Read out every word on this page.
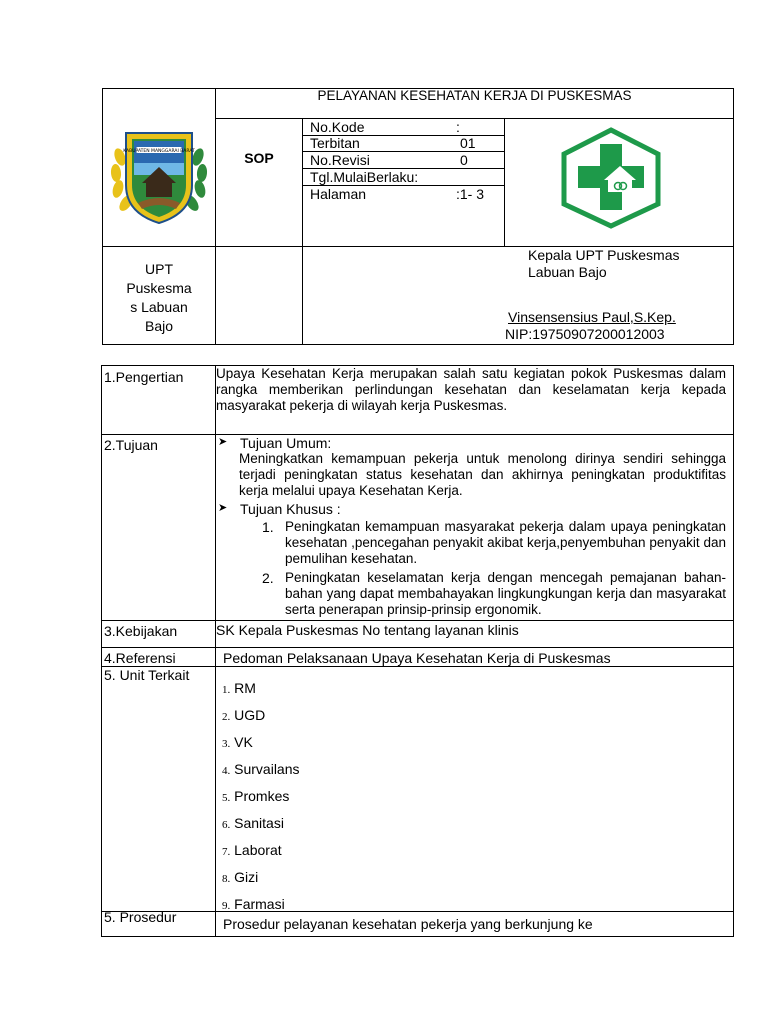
KABUPATEN MANGGARAI BARAT
PELAYANAN KESEHATAN KERJA DI PUSKESMAS
SOP
No.Kode	:
Terbitan	01
No.Revisi	0
Tgl.MulaiBerlaku:
Halaman	:1- 3
UPT
Puskesma
s Labuan
Bajo
Kepala UPT Puskesmas
Labuan Bajo
Vinsensensius Paul,S.Kep.
NIP:19750907200012003
1.Pengertian Upaya Kesehatan Kerja merupakan salah satu kegiatan pokok Puskesmas dalam rangka memberikan perlindungan kesehatan dan keselamatan kerja kepada masyarakat pekerja di wilayah kerja Puskesmas.
2.Tujuan	➤ Tujuan Umum:
Meningkatkan kemampuan pekerja untuk menolong dirinya sendiri sehingga terjadi peningkatan status kesehatan dan akhirnya peningkatan produktifitas kerja melalui upaya Kesehatan Kerja.
➤ Tujuan Khusus :
1. Peningkatan kemampuan masyarakat pekerja dalam upaya peningkatan kesehatan ,pencegahan penyakit akibat kerja,penyembuhan penyakit dan pemulihan kesehatan.
2. Peningkatan keselamatan kerja dengan mencegah pemajanan bahan-bahan yang dapat membahayakan lingkungkungan kerja dan masyarakat serta penerapan prinsip-prinsip ergonomik.
3.Kebijakan	SK Kepala Puskesmas No tentang layanan klinis
4.Referensi	Pedoman Pelaksanaan Upaya Kesehatan Kerja di Puskesmas
5. Unit Terkait
1. RM
2. UGD
3. VK
4. Survailans
5. Promkes
6. Sanitasi
7. Laborat
8. Gizi
9. Farmasi
5. Prosedur	Prosedur pelayanan kesehatan pekerja yang berkunjung ke
